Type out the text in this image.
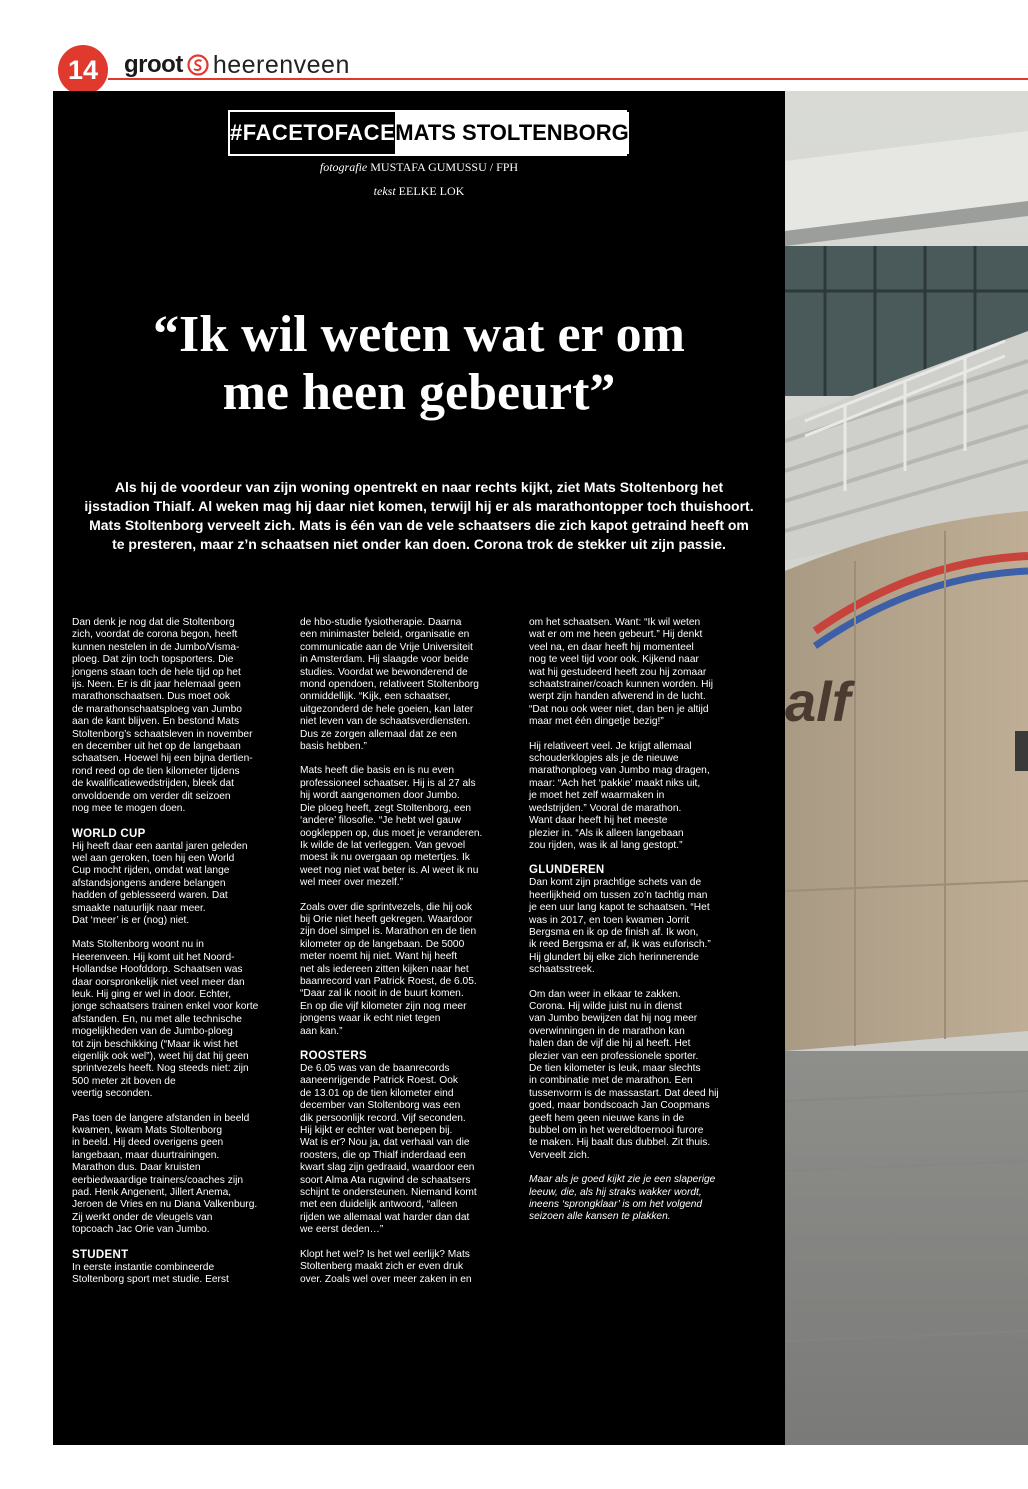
14	groot heerenveen
alf
#FACETOFACE MATS STOLTENBORG
fotografie MUSTAFA GUMUSSU / FPH
tekst EELKE LOK
“Ik wil weten wat er om
me heen gebeurt”
Als hij de voordeur van zijn woning opentrekt en naar rechts kijkt, ziet Mats Stoltenborg het ijsstadion Thialf. Al weken mag hij daar niet komen, terwijl hij er als marathontopper toch thuishoort. Mats Stoltenborg verveelt zich. Mats is één van de vele schaatsers die zich kapot getraind heeft om te presteren, maar z’n schaatsen niet onder kan doen. Corona trok de stekker uit zijn passie.

Dan denk je nog dat die Stoltenborg
zich, voordat de corona begon, heeft
kunnen nestelen in de Jumbo/Visma-
ploeg. Dat zijn toch topsporters. Die
jongens staan toch de hele tijd op het
ijs. Neen. Er is dit jaar helemaal geen
marathonschaatsen. Dus moet ook
de marathonschaatsploeg van Jumbo
aan de kant blijven. En bestond Mats
Stoltenborg’s schaatsleven in november
en december uit het op de langebaan
schaatsen. Hoewel hij een bijna dertien-
rond reed op de tien kilometer tijdens
de kwalificatiewedstrijden, bleek dat
onvoldoende om verder dit seizoen
nog mee te mogen doen.

WORLD CUP

Hij heeft daar een aantal jaren geleden
wel aan geroken, toen hij een World
Cup mocht rijden, omdat wat lange
afstandsjongens andere belangen
hadden of geblesseerd waren. Dat
smaakte natuurlijk naar meer.
Dat ‘meer’ is er (nog) niet.

Mats Stoltenborg woont nu in
Heerenveen. Hij komt uit het Noord-
Hollandse Hoofddorp. Schaatsen was
daar oorspronkelijk niet veel meer dan
leuk. Hij ging er wel in door. Echter,
jonge schaatsers trainen enkel voor korte
afstanden. En, nu met alle technische
mogelijkheden van de Jumbo-ploeg
tot zijn beschikking (“Maar ik wist het
eigenlijk ook wel”), weet hij dat hij geen
sprintvezels heeft. Nog steeds niet: zijn
500 meter zit boven de
veertig seconden.

Pas toen de langere afstanden in beeld
kwamen, kwam Mats Stoltenborg
in beeld. Hij deed overigens geen
langebaan, maar duurtrainingen.
Marathon dus. Daar kruisten
eerbiedwaardige trainers/coaches zijn
pad. Henk Angenent, Jillert Anema,
Jeroen de Vries en nu Diana Valkenburg.
Zij werkt onder de vleugels van
topcoach Jac Orie van Jumbo.

STUDENT

In eerste instantie combineerde
Stoltenborg sport met studie. Eerst

de hbo-studie fysiotherapie. Daarna
een minimaster beleid, organisatie en
communicatie aan de Vrije Universiteit
in Amsterdam. Hij slaagde voor beide
studies. Voordat we bewonderend de
mond opendoen, relativeert Stoltenborg
onmiddellijk. “Kijk, een schaatser,
uitgezonderd de hele goeien, kan later
niet leven van de schaatsverdiensten.
Dus ze zorgen allemaal dat ze een
basis hebben.”

Mats heeft die basis en is nu even
professioneel schaatser. Hij is al 27 als
hij wordt aangenomen door Jumbo.
Die ploeg heeft, zegt Stoltenborg, een
‘andere’ filosofie. “Je hebt wel gauw
oogkleppen op, dus moet je veranderen.
Ik wilde de lat verleggen. Van gevoel
moest ik nu overgaan op metertjes. Ik
weet nog niet wat beter is. Al weet ik nu
wel meer over mezelf.”

Zoals over die sprintvezels, die hij ook
bij Orie niet heeft gekregen. Waardoor
zijn doel simpel is. Marathon en de tien
kilometer op de langebaan. De 5000
meter noemt hij niet. Want hij heeft
net als iedereen zitten kijken naar het
baanrecord van Patrick Roest, de 6.05.
“Daar zal ik nooit in de buurt komen.
En op die vijf kilometer zijn nog meer
jongens waar ik echt niet tegen
aan kan.”

ROOSTERS

De 6.05 was van de baanrecords
aaneenrijgende Patrick Roest. Ook
de 13.01 op de tien kilometer eind
december van Stoltenborg was een
dik persoonlijk record. Vijf seconden.
Hij kijkt er echter wat benepen bij.
Wat is er? Nou ja, dat verhaal van die
roosters, die op Thialf inderdaad een
kwart slag zijn gedraaid, waardoor een
soort Alma Ata rugwind de schaatsers
schijnt te ondersteunen. Niemand komt
met een duidelijk antwoord, “alleen
rijden we allemaal wat harder dan dat
we eerst deden…”

Klopt het wel? Is het wel eerlijk? Mats
Stoltenberg maakt zich er even druk
over. Zoals wel over meer zaken in en

om het schaatsen. Want: “Ik wil weten
wat er om me heen gebeurt.” Hij denkt
veel na, en daar heeft hij momenteel
nog te veel tijd voor ook. Kijkend naar
wat hij gestudeerd heeft zou hij zomaar
schaatstrainer/coach kunnen worden. Hij
werpt zijn handen afwerend in de lucht.
“Dat nou ook weer niet, dan ben je altijd
maar met één dingetje bezig!”

Hij relativeert veel. Je krijgt allemaal
schouderklopjes als je de nieuwe
marathonploeg van Jumbo mag dragen,
maar: “Ach het ‘pakkie’ maakt niks uit,
je moet het zelf waarmaken in
wedstrijden.” Vooral de marathon.
Want daar heeft hij het meeste
plezier in. “Als ik alleen langebaan
zou rijden, was ik al lang gestopt.”

GLUNDEREN

Dan komt zijn prachtige schets van de
heerlijkheid om tussen zo’n tachtig man
je een uur lang kapot te schaatsen. “Het
was in 2017, en toen kwamen Jorrit
Bergsma en ik op de finish af. Ik won,
ik reed Bergsma er af, ik was euforisch.”
Hij glundert bij elke zich herinnerende
schaatsstreek.

Om dan weer in elkaar te zakken.
Corona. Hij wilde juist nu in dienst
van Jumbo bewijzen dat hij nog meer
overwinningen in de marathon kan
halen dan de vijf die hij al heeft. Het
plezier van een professionele sporter.
De tien kilometer is leuk, maar slechts
in combinatie met de marathon. Een
tussenvorm is de massastart. Dat deed hij
goed, maar bondscoach Jan Coopmans
geeft hem geen nieuwe kans in de
bubbel om in het wereldtoernooi furore
te maken. Hij baalt dus dubbel. Zit thuis.
Verveelt zich.

Maar als je goed kijkt zie je een slaperige
leeuw, die, als hij straks wakker wordt,
ineens ‘sprongklaar’ is om het volgend
seizoen alle kansen te plakken.
